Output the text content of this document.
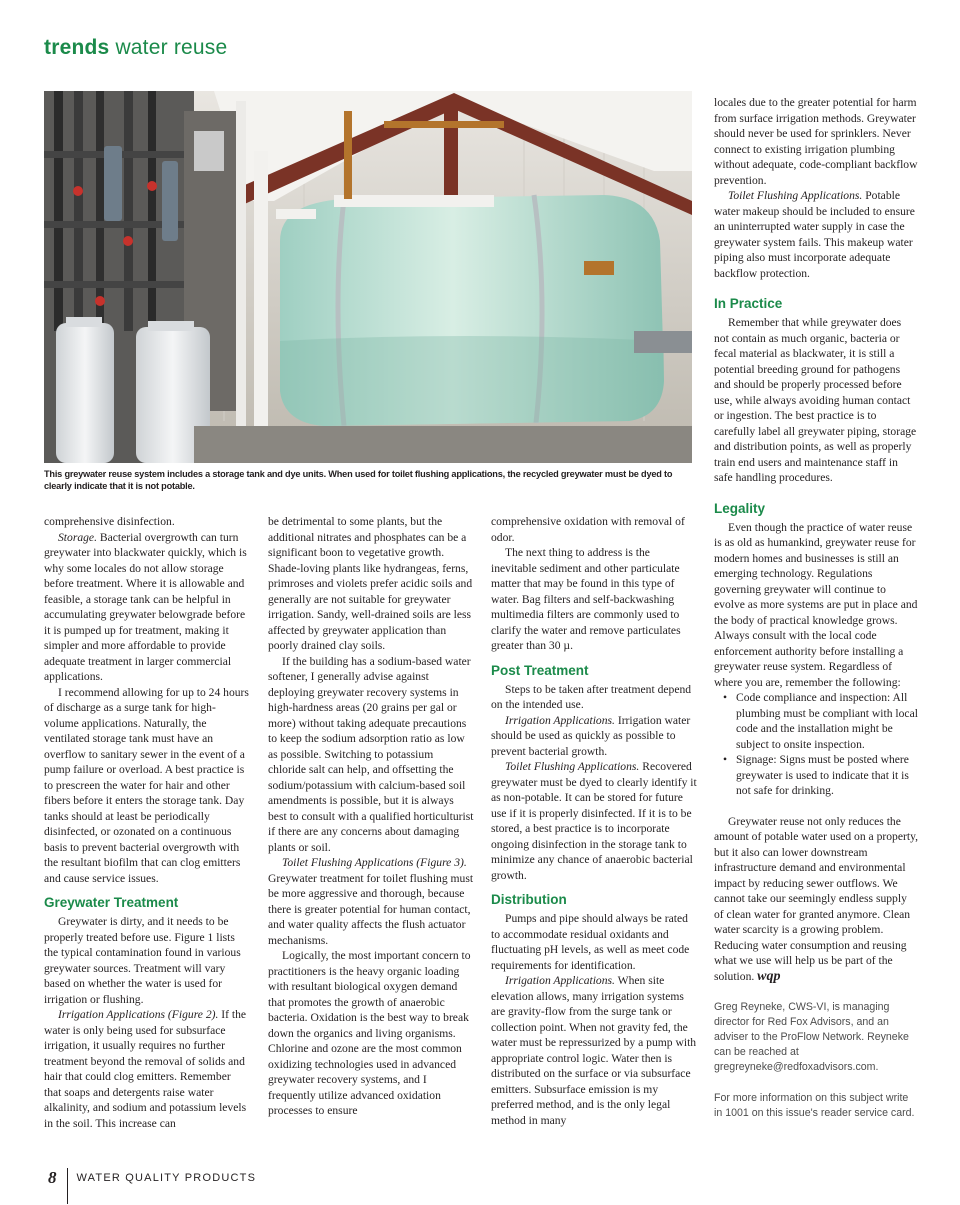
trends water reuse
This greywater reuse system includes a storage tank and dye units. When used for toilet flushing applications, the recycled greywater must be dyed to clearly indicate that it is not potable.

comprehensive disinfection.

Storage. Bacterial overgrowth can turn greywater into blackwater quickly, which is why some locales do not allow storage before treatment. Where it is allowable and feasible, a storage tank can be helpful in accumulating greywater belowgrade before it is pumped up for treatment, making it simpler and more affordable to provide adequate treatment in larger commercial applications.

I recommend allowing for up to 24 hours of discharge as a surge tank for high-volume applications. Naturally, the ventilated storage tank must have an overflow to sanitary sewer in the event of a pump failure or overload. A best practice is to prescreen the water for hair and other fibers before it enters the storage tank. Day tanks should at least be periodically disinfected, or ozonated on a continuous basis to prevent bacterial overgrowth with the resultant biofilm that can clog emitters and cause service issues.

Greywater Treatment

Greywater is dirty, and it needs to be properly treated before use. Figure 1 lists the typical contamination found in various greywater sources. Treatment will vary based on whether the water is used for irrigation or flushing.

Irrigation Applications (Figure 2). If the water is only being used for subsurface irrigation, it usually requires no further treatment beyond the removal of solids and hair that could clog emitters. Remember that soaps and detergents raise water alkalinity, and sodium and potassium levels in the soil. This increase can

be detrimental to some plants, but the additional nitrates and phosphates can be a significant boon to vegetative growth. Shade-loving plants like hydrangeas, ferns, primroses and violets prefer acidic soils and generally are not suitable for greywater irrigation. Sandy, well-drained soils are less affected by greywater application than poorly drained clay soils.

If the building has a sodium-based water softener, I generally advise against deploying greywater recovery systems in high-hardness areas (20 grains per gal or more) without taking adequate precautions to keep the sodium adsorption ratio as low as possible. Switching to potassium chloride salt can help, and offsetting the sodium/potassium with calcium-based soil amendments is possible, but it is always best to consult with a qualified horticulturist if there are any concerns about damaging plants or soil.

Toilet Flushing Applications (Figure 3). Greywater treatment for toilet flushing must be more aggressive and thorough, because there is greater potential for human contact, and water quality affects the flush actuator mechanisms.

Logically, the most important concern to practitioners is the heavy organic loading with resultant biological oxygen demand that promotes the growth of anaerobic bacteria. Oxidation is the best way to break down the organics and living organisms. Chlorine and ozone are the most common oxidizing technologies used in advanced greywater recovery systems, and I frequently utilize advanced oxidation processes to ensure

comprehensive oxidation with removal of odor.

The next thing to address is the inevitable sediment and other particulate matter that may be found in this type of water. Bag filters and self-backwashing multimedia filters are commonly used to clarify the water and remove particulates greater than 30 µ.

Post Treatment

Steps to be taken after treatment depend on the intended use.

Irrigation Applications. Irrigation water should be used as quickly as possible to prevent bacterial growth.

Toilet Flushing Applications. Recovered greywater must be dyed to clearly identify it as non-potable. It can be stored for future use if it is properly disinfected. If it is to be stored, a best practice is to incorporate ongoing disinfection in the storage tank to minimize any chance of anaerobic bacterial growth.

Distribution

Pumps and pipe should always be rated to accommodate residual oxidants and fluctuating pH levels, as well as meet code requirements for identification.

Irrigation Applications. When site elevation allows, many irrigation systems are gravity-flow from the surge tank or collection point. When not gravity fed, the water must be repressurized by a pump with appropriate control logic. Water then is distributed on the surface or via subsurface emitters. Subsurface emission is my preferred method, and is the only legal method in many

locales due to the greater potential for harm from surface irrigation methods. Greywater should never be used for sprinklers. Never connect to existing irrigation plumbing without adequate, code-compliant backflow prevention.

Toilet Flushing Applications. Potable water makeup should be included to ensure an uninterrupted water supply in case the greywater system fails. This makeup water piping also must incorporate adequate backflow protection.

In Practice

Remember that while greywater does not contain as much organic, bacteria or fecal material as blackwater, it is still a potential breeding ground for pathogens and should be properly processed before use, while always avoiding human contact or ingestion. The best practice is to carefully label all greywater piping, storage and distribution points, as well as properly train end users and maintenance staff in safe handling procedures.

Legality

Even though the practice of water reuse is as old as humankind, greywater reuse for modern homes and businesses is still an emerging technology. Regulations governing greywater will continue to evolve as more systems are put in place and the body of practical knowledge grows. Always consult with the local code enforcement authority before installing a greywater reuse system. Regardless of where you are, remember the following:

• Code compliance and inspection: All plumbing must be compliant with local code and the installation might be subject to onsite inspection.
• Signage: Signs must be posted where greywater is used to indicate that it is not safe for drinking.

Greywater reuse not only reduces the amount of potable water used on a property, but it also can lower downstream infrastructure demand and environmental impact by reducing sewer outflows. We cannot take our seemingly endless supply of clean water for granted anymore. Clean water scarcity is a growing problem. Reducing water consumption and reusing what we use will help us be part of the solution. wqp

Greg Reyneke, CWS-VI, is managing director for Red Fox Advisors, and an adviser to the ProFlow Network. Reyneke can be reached at gregreyneke@redfoxadvisors.com.

For more information on this subject write in 1001 on this issue's reader service card.

8 WATER QUALITY PRODUCTS
